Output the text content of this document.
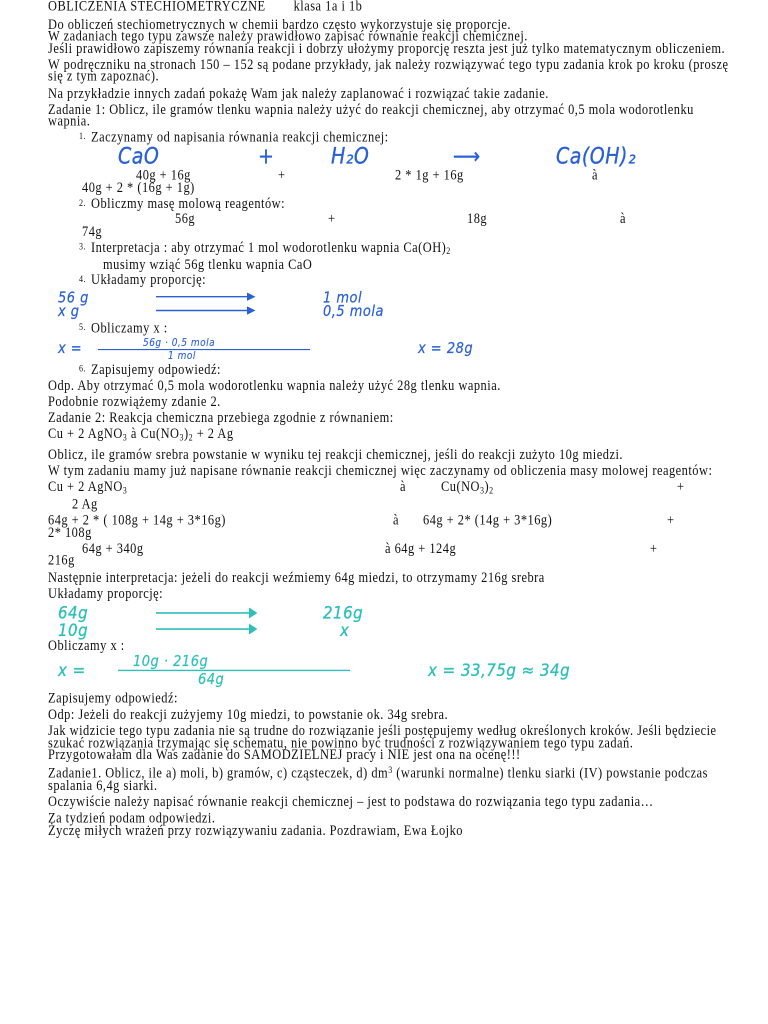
OBLICZENIA STECHIOMETRYCZNE klasa 1a i 1b
Do obliczeń stechiometrycznych w chemii bardzo często wykorzystuje się proporcje.
W zadaniach tego typu zawsze należy prawidłowo zapisać równanie reakcji chemicznej.
Jeśli prawidłowo zapiszemy równania reakcji i dobrzy ułożymy proporcję reszta jest już tylko matematycznym obliczeniem.
W podręczniku na stronach 150 – 152 są podane przykłady, jak należy rozwiązywać tego typu zadania krok po kroku (proszę się z tym zapoznać).
Na przykładzie innych zadań pokażę Wam jak należy zaplanować i rozwiązać takie zadanie.
Zadanie 1: Oblicz, ile gramów tlenku wapnia należy użyć do reakcji chemicznej, aby otrzymać 0,5 mola wodorotlenku wapnia.
1. Zaczynamy od napisania równania reakcji chemicznej:
CaO	+	H₂O	⟶	Ca(OH)₂
40g + 16g	+	2 * 1g + 16g	à
40g + 2 * (16g + 1g)
2. Obliczmy masę molową reagentów:
56g	+	18g	à
74g
3. Interpretacja : aby otrzymać 1 mol wodorotlenku wapnia $Ca(OH)_2$
musimy wziąć 56g tlenku wapnia CaO
4. Układamy proporcję:
56 g	1 mol
x g	0,5 mola
5. Obliczamy x :
x =	56g · 0,5 mola
1 mol	x = 28g
6. Zapisujemy odpowiedź:
Odp. Aby otrzymać 0,5 mola wodorotlenku wapnia należy użyć 28g tlenku wapnia.
Podobnie rozwiążemy zdanie 2.
Zadanie 2: Reakcja chemiczna przebiega zgodnie z równaniem:
Cu + 2 AgNO$_3$ à $Cu(NO_3)_2 + 2$ Ag
Oblicz, ile gramów srebra powstanie w wyniku tej reakcji chemicznej, jeśli do reakcji zużyto 10g miedzi.
W tym zadaniu mamy już napisane równanie reakcji chemicznej więc zaczynamy od obliczenia masy molowej reagentów:
Cu + 2 AgNO$_3$	à	$Cu(NO_3)_2$	+
2 Ag
64g + 2 * ( 108g + 14g + 3*16g)	à	64g + 2* (14g + 3*16g)	+
2* 108g
64g + 340g	à 64g + 124g	+
216g
Następnie interpretacja: jeżeli do reakcji weźmiemy 64g miedzi, to otrzymamy 216g srebra
Układamy proporcję:
64g	216g
10g	x
Obliczamy x :
x =	10g · 216g
64g	x = 33,75g ≈ 34g
Zapisujemy odpowiedź:
Odp: Jeżeli do reakcji zużyjemy 10g miedzi, to powstanie ok. 34g srebra.
Jak widzicie tego typu zadania nie są trudne do rozwiązanie jeśli postępujemy według określonych kroków. Jeśli będziecie szukać rozwiązania trzymając się schematu, nie powinno być trudności z rozwiązywaniem tego typu zadań.
Przygotowałam dla Was zadanie do SAMODZIELNEJ pracy i NIE jest ona na ocenę!!!
Zadanie1. Oblicz, ile a) moli, b) gramów, c) cząsteczek, d) $dm^3$ (warunki normalne) tlenku siarki (IV) powstanie podczas spalania 6,4g siarki.
Oczywiście należy napisać równanie reakcji chemicznej – jest to podstawa do rozwiązania tego typu zadania…
Za tydzień podam odpowiedzi.
Życzę miłych wrażeń przy rozwiązywaniu zadania. Pozdrawiam, Ewa Łojko
